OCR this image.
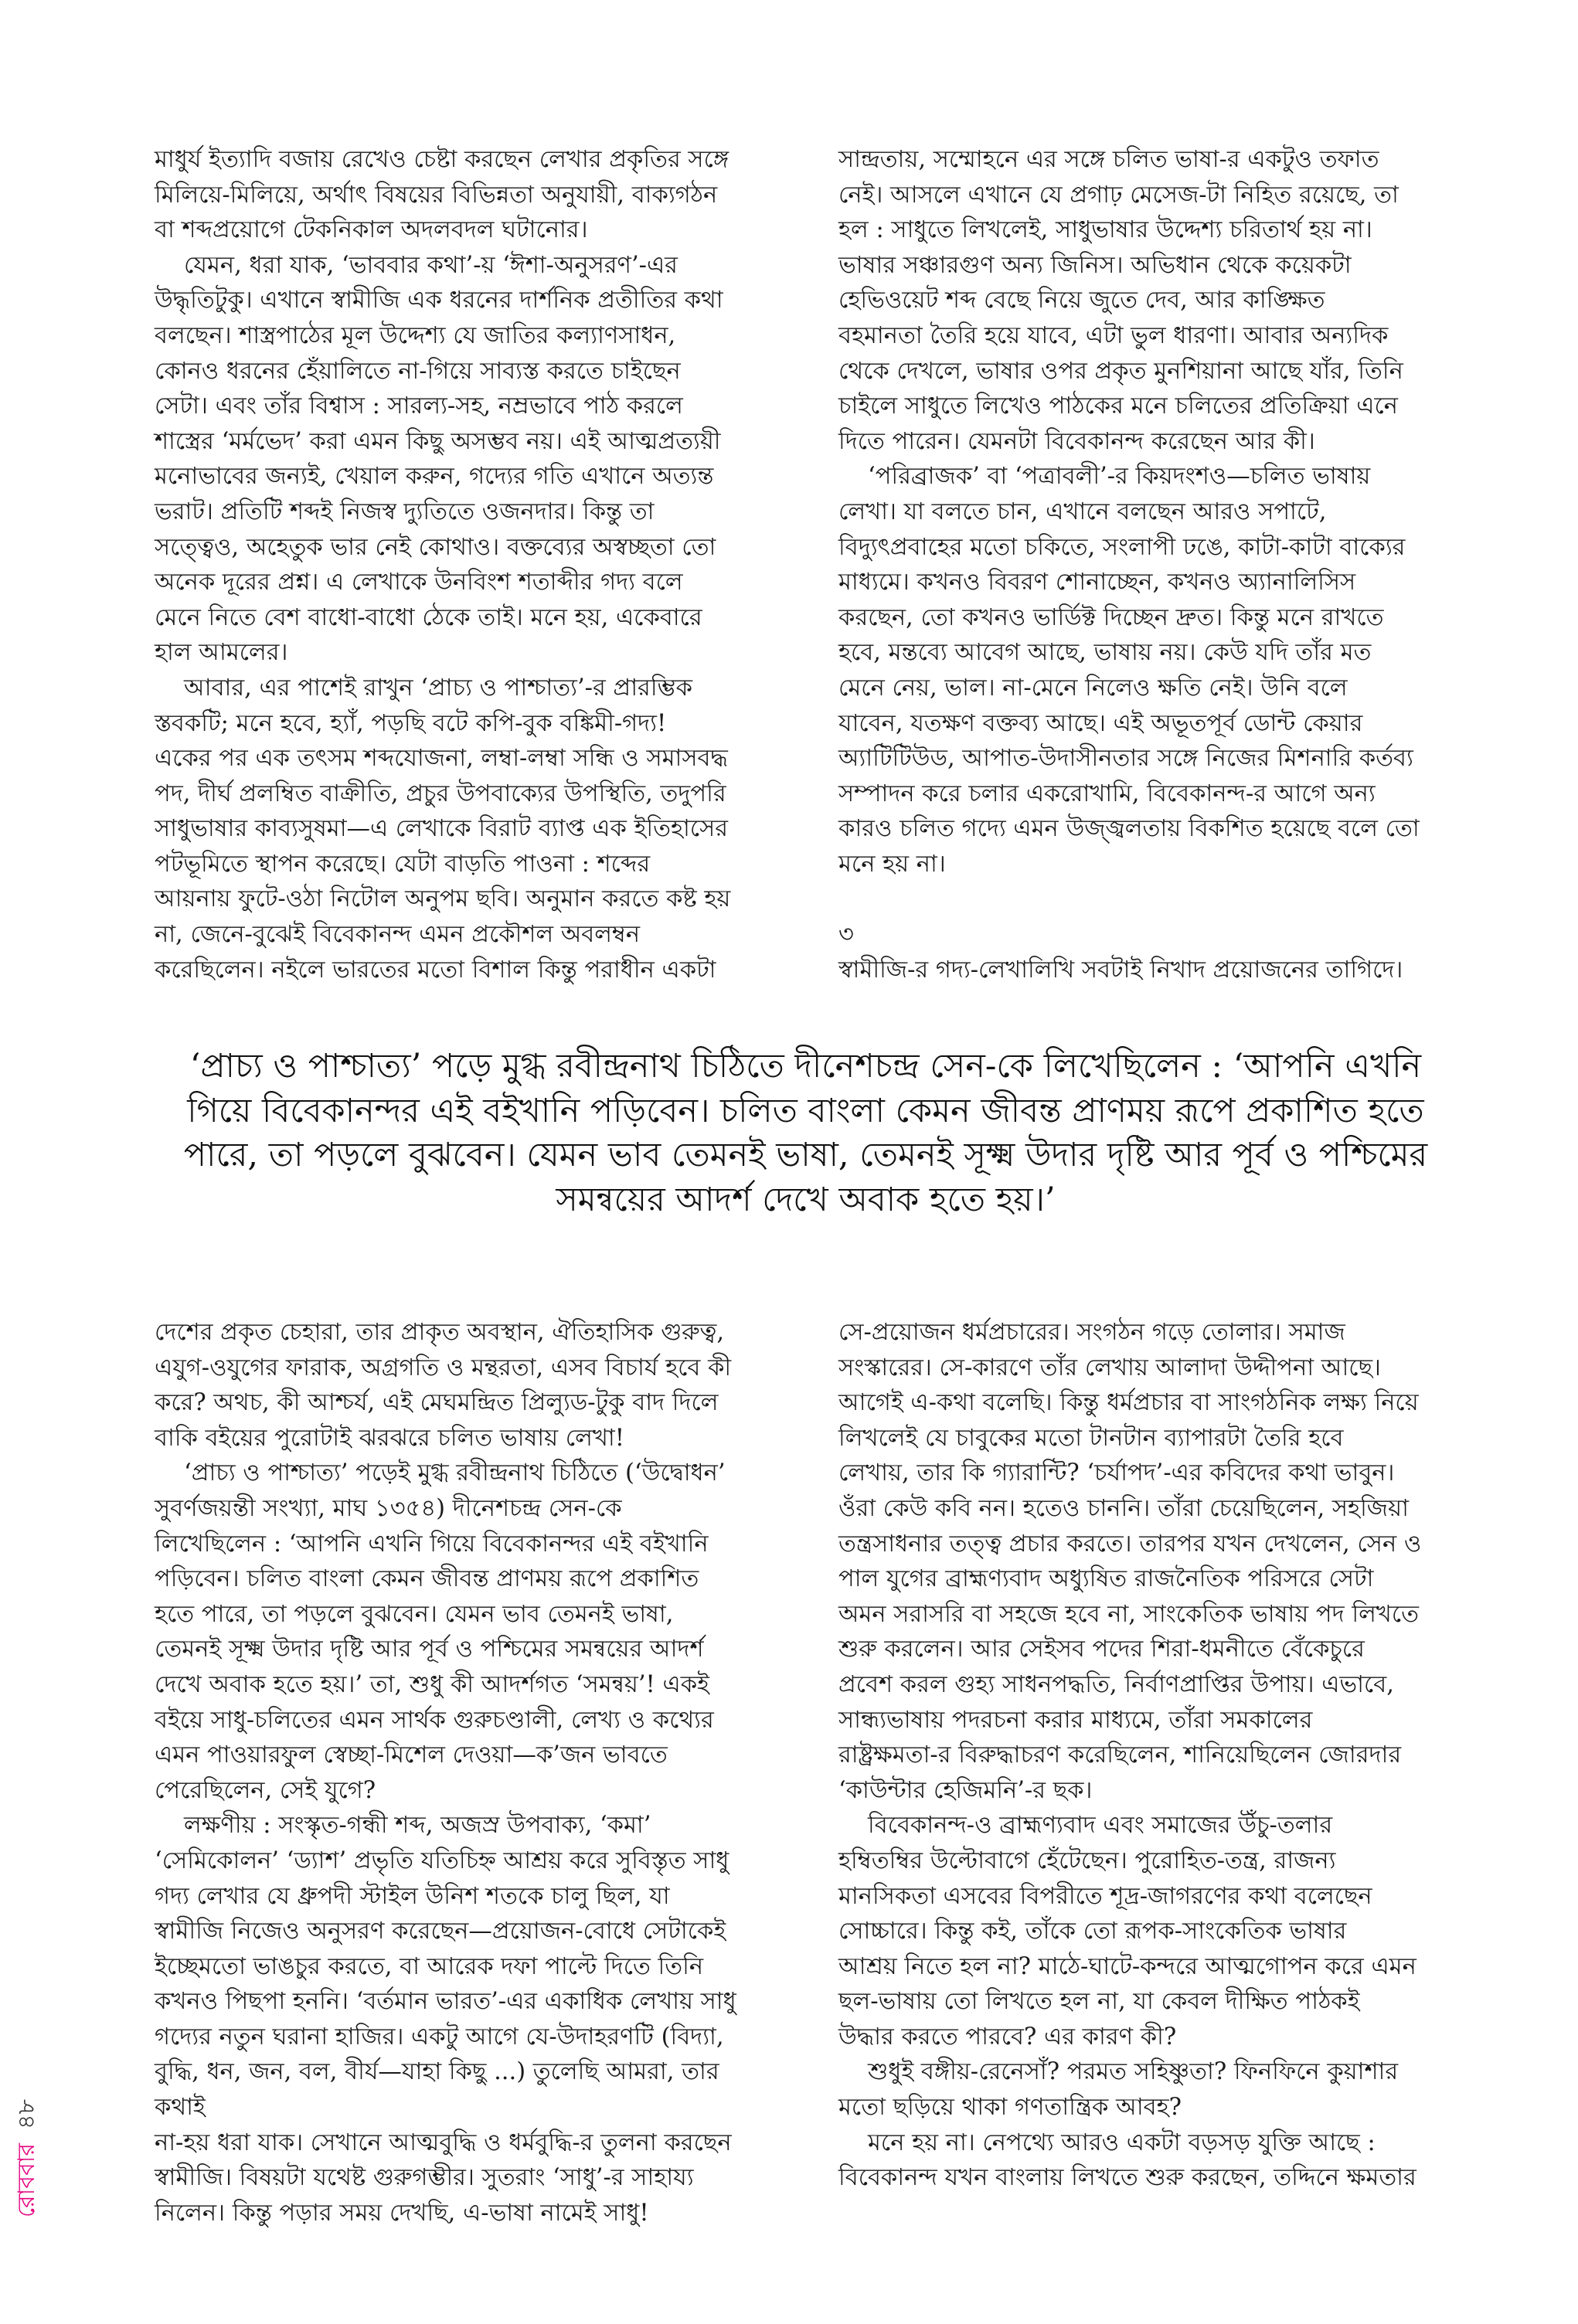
মাধুর্য ইত্যাদি বজায় রেখেও চেষ্টা করছেন লেখার প্রকৃতির সঙ্গে

মিলিয়ে-মিলিয়ে, অর্থাৎ বিষয়ের বিভিন্নতা অনুযায়ী, বাক্যগঠন

বা শব্দপ্রয়োগে টেকনিকাল অদলবদল ঘটানোর।

যেমন, ধরা যাক, ‘ভাববার কথা’-য় ‘ঈশা-অনুসরণ’-এর

উদ্ধৃতিটুকু। এখানে স্বামীজি এক ধরনের দার্শনিক প্রতীতির কথা

বলছেন। শাস্ত্রপাঠের মূল উদ্দেশ্য যে জাতির কল্যাণসাধন,

কোনও ধরনের হেঁয়ালিতে না-গিয়ে সাব্যস্ত করতে চাইছেন

সেটা। এবং তাঁর বিশ্বাস : সারল্য-সহ, নম্রভাবে পাঠ করলে

শাস্ত্রের ‘মর্মভেদ’ করা এমন কিছু অসম্ভব নয়। এই আত্মপ্রত্যয়ী

মনোভাবের জন্যই, খেয়াল করুন, গদ্যের গতি এখানে অত্যন্ত

ভরাট। প্রতিটি শব্দই নিজস্ব দ্যুতিতে ওজনদার। কিন্তু তা

সত্ত্বেও, অহেতুক ভার নেই কোথাও। বক্তব্যের অস্বচ্ছতা তো

অনেক দূরের প্রশ্ন। এ লেখাকে উনবিংশ শতাব্দীর গদ্য বলে

মেনে নিতে বেশ বাধো-বাধো ঠেকে তাই। মনে হয়, একেবারে

হাল আমলের।

আবার, এর পাশেই রাখুন ‘প্রাচ্য ও পাশ্চাত্য’-র প্রারম্ভিক

স্তবকটি; মনে হবে, হ্যাঁ, পড়ছি বটে কপি-বুক বঙ্কিমী-গদ্য!

একের পর এক তৎসম শব্দযোজনা, লম্বা-লম্বা সন্ধি ও সমাসবদ্ধ

পদ, দীর্ঘ প্রলম্বিত বাক্রীতি, প্রচুর উপবাক্যের উপস্থিতি, তদুপরি

সাধুভাষার কাব্যসুষমা—এ লেখাকে বিরাট ব্যাপ্ত এক ইতিহাসের

পটভূমিতে স্থাপন করেছে। যেটা বাড়তি পাওনা : শব্দের

আয়নায় ফুটে-ওঠা নিটোল অনুপম ছবি। অনুমান করতে কষ্ট হয়

না, জেনে-বুঝেই বিবেকানন্দ এমন প্রকৌশল অবলম্বন

করেছিলেন। নইলে ভারতের মতো বিশাল কিন্তু পরাধীন একটা

সান্দ্রতায়, সম্মোহনে এর সঙ্গে চলিত ভাষা-র একটুও তফাত

নেই। আসলে এখানে যে প্রগাঢ় মেসেজ-টা নিহিত রয়েছে, তা

হল : সাধুতে লিখলেই, সাধুভাষার উদ্দেশ্য চরিতার্থ হয় না।

ভাষার সঞ্চারগুণ অন্য জিনিস। অভিধান থেকে কয়েকটা

হেভিওয়েট শব্দ বেছে নিয়ে জুতে দেব, আর কাঙ্ক্ষিত

বহমানতা তৈরি হয়ে যাবে, এটা ভুল ধারণা। আবার অন্যদিক

থেকে দেখলে, ভাষার ওপর প্রকৃত মুনশিয়ানা আছে যাঁর, তিনি

চাইলে সাধুতে লিখেও পাঠকের মনে চলিতের প্রতিক্রিয়া এনে

দিতে পারেন। যেমনটা বিবেকানন্দ করেছেন আর কী।

‘পরিব্রাজক’ বা ‘পত্রাবলী’-র কিয়দংশও—চলিত ভাষায়

লেখা। যা বলতে চান, এখানে বলছেন আরও সপাটে,

বিদ্যুৎপ্রবাহের মতো চকিতে, সংলাপী ঢঙে, কাটা-কাটা বাক্যের

মাধ্যমে। কখনও বিবরণ শোনাচ্ছেন, কখনও অ্যানালিসিস

করছেন, তো কখনও ভার্ডিক্ট দিচ্ছেন দ্রুত। কিন্তু মনে রাখতে

হবে, মন্তব্যে আবেগ আছে, ভাষায় নয়। কেউ যদি তাঁর মত

মেনে নেয়, ভাল। না-মেনে নিলেও ক্ষতি নেই। উনি বলে

যাবেন, যতক্ষণ বক্তব্য আছে। এই অভূতপূর্ব ডোন্ট কেয়ার

অ্যাটিটিউড, আপাত-উদাসীনতার সঙ্গে নিজের মিশনারি কর্তব্য

সম্পাদন করে চলার একরোখামি, বিবেকানন্দ-র আগে অন্য

কারও চলিত গদ্যে এমন উজ্জ্বলতায় বিকশিত হয়েছে বলে তো

মনে হয় না।

৩

স্বামীজি-র গদ্য-লেখালিখি সবটাই নিখাদ প্রয়োজনের তাগিদে।

‘প্রাচ্য ও পাশ্চাত্য’ পড়ে মুগ্ধ রবীন্দ্রনাথ চিঠিতে দীনেশচন্দ্র সেন-কে লিখেছিলেন : ‘আপনি এখনি
গিয়ে বিবেকানন্দর এই বইখানি পড়িবেন। চলিত বাংলা কেমন জীবন্ত প্রাণময় রূপে প্রকাশিত হতে
পারে, তা পড়লে বুঝবেন। যেমন ভাব তেমনই ভাষা, তেমনই সূক্ষ্ম উদার দৃষ্টি আর পূর্ব ও পশ্চিমের
সমন্বয়ের আদর্শ দেখে অবাক হতে হয়।’

দেশের প্রকৃত চেহারা, তার প্রাকৃত অবস্থান, ঐতিহাসিক গুরুত্ব,

এযুগ-ওযুগের ফারাক, অগ্রগতি ও মন্থরতা, এসব বিচার্য হবে কী

করে? অথচ, কী আশ্চর্য, এই মেঘমন্দ্রিত প্রিল্যুড-টুকু বাদ দিলে

বাকি বইয়ের পুরোটাই ঝরঝরে চলিত ভাষায় লেখা!

‘প্রাচ্য ও পাশ্চাত্য’ পড়েই মুগ্ধ রবীন্দ্রনাথ চিঠিতে (‘উদ্বোধন’

সুবর্ণজয়ন্তী সংখ্যা, মাঘ ১৩৫৪) দীনেশচন্দ্র সেন-কে

লিখেছিলেন : ‘আপনি এখনি গিয়ে বিবেকানন্দর এই বইখানি

পড়িবেন। চলিত বাংলা কেমন জীবন্ত প্রাণময় রূপে প্রকাশিত

হতে পারে, তা পড়লে বুঝবেন। যেমন ভাব তেমনই ভাষা,

তেমনই সূক্ষ্ম উদার দৃষ্টি আর পূর্ব ও পশ্চিমের সমন্বয়ের আদর্শ

দেখে অবাক হতে হয়।’ তা, শুধু কী আদর্শগত ‘সমন্বয়’! একই

বইয়ে সাধু-চলিতের এমন সার্থক গুরুচণ্ডালী, লেখ্য ও কথ্যের

এমন পাওয়ারফুল স্বেচ্ছা-মিশেল দেওয়া—ক’জন ভাবতে

পেরেছিলেন, সেই যুগে?

লক্ষণীয় : সংস্কৃত-গন্ধী শব্দ, অজস্র উপবাক্য, ‘কমা’

‘সেমিকোলন’ ‘ড্যাশ’ প্রভৃতি যতিচিহ্ন আশ্রয় করে সুবিস্তৃত সাধু

গদ্য লেখার যে ধ্রুপদী স্টাইল উনিশ শতকে চালু ছিল, যা

স্বামীজি নিজেও অনুসরণ করেছেন—প্রয়োজন-বোধে সেটাকেই

ইচ্ছেমতো ভাঙচুর করতে, বা আরেক দফা পাল্টে দিতে তিনি

কখনও পিছপা হননি। ‘বর্তমান ভারত’-এর একাধিক লেখায় সাধু

গদ্যের নতুন ঘরানা হাজির। একটু আগে যে-উদাহরণটি (বিদ্যা,

বুদ্ধি, ধন, জন, বল, বীর্য—যাহা কিছু ...) তুলেছি আমরা, তার কথাই

না-হয় ধরা যাক। সেখানে আত্মবুদ্ধি ও ধর্মবুদ্ধি-র তুলনা করছেন

স্বামীজি। বিষয়টা যথেষ্ট গুরুগম্ভীর। সুতরাং ‘সাধু’-র সাহায্য

নিলেন। কিন্তু পড়ার সময় দেখছি, এ-ভাষা নামেই সাধু!

সে-প্রয়োজন ধর্মপ্রচারের। সংগঠন গড়ে তোলার। সমাজ

সংস্কারের। সে-কারণে তাঁর লেখায় আলাদা উদ্দীপনা আছে।

আগেই এ-কথা বলেছি। কিন্তু ধর্মপ্রচার বা সাংগঠনিক লক্ষ্য নিয়ে

লিখলেই যে চাবুকের মতো টানটান ব্যাপারটা তৈরি হবে

লেখায়, তার কি গ্যারান্টি? ‘চর্যাপদ’-এর কবিদের কথা ভাবুন।

ওঁরা কেউ কবি নন। হতেও চাননি। তাঁরা চেয়েছিলেন, সহজিয়া

তন্ত্রসাধনার তত্ত্ব প্রচার করতে। তারপর যখন দেখলেন, সেন ও

পাল যুগের ব্রাহ্মণ্যবাদ অধ্যুষিত রাজনৈতিক পরিসরে সেটা

অমন সরাসরি বা সহজে হবে না, সাংকেতিক ভাষায় পদ লিখতে

শুরু করলেন। আর সেইসব পদের শিরা-ধমনীতে বেঁকেচুরে

প্রবেশ করল গুহ্য সাধনপদ্ধতি, নির্বাণপ্রাপ্তির উপায়। এভাবে,

সান্ধ্যভাষায় পদরচনা করার মাধ্যমে, তাঁরা সমকালের

রাষ্ট্রক্ষমতা-র বিরুদ্ধাচরণ করেছিলেন, শানিয়েছিলেন জোরদার

‘কাউন্টার হেজিমনি’-র ছক।

বিবেকানন্দ-ও ব্রাহ্মণ্যবাদ এবং সমাজের উঁচু-তলার

হম্বিতম্বির উল্টোবাগে হেঁটেছেন। পুরোহিত-তন্ত্র, রাজন্য

মানসিকতা এসবের বিপরীতে শূদ্র-জাগরণের কথা বলেছেন

সোচ্চারে। কিন্তু কই, তাঁকে তো রূপক-সাংকেতিক ভাষার

আশ্রয় নিতে হল না? মাঠে-ঘাটে-কন্দরে আত্মগোপন করে এমন

ছল-ভাষায় তো লিখতে হল না, যা কেবল দীক্ষিত পাঠকই

উদ্ধার করতে পারবে? এর কারণ কী?

শুধুই বঙ্গীয়-রেনেসাঁ? পরমত সহিষ্ণুতা? ফিনফিনে কুয়াশার

মতো ছড়িয়ে থাকা গণতান্ত্রিক আবহ?

মনে হয় না। নেপথ্যে আরও একটা বড়সড় যুক্তি আছে :

বিবেকানন্দ যখন বাংলায় লিখতে শুরু করছেন, তদ্দিনে ক্ষমতার

রোববার
৪৮
